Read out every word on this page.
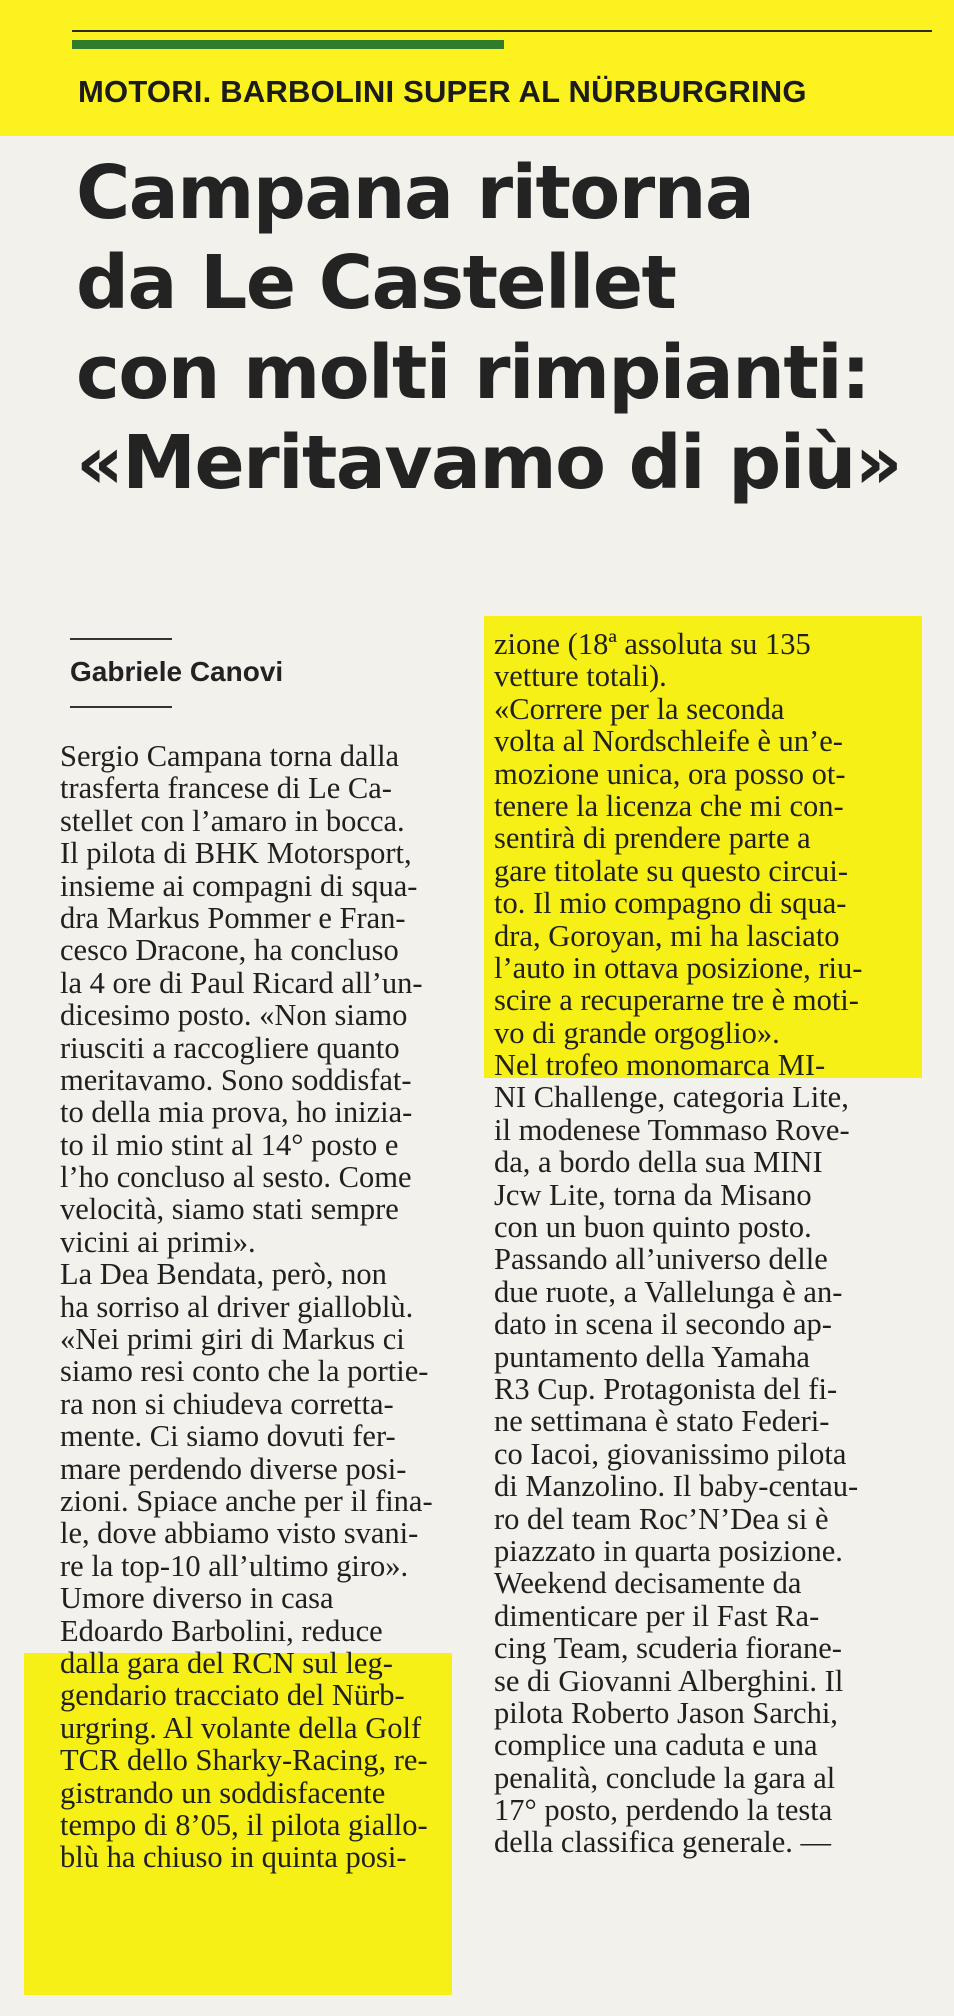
MOTORI. BARBOLINI SUPER AL NÜRBURGRING
Campana ritorna
da Le Castellet
con molti rimpianti:
«Meritavamo di più»
Gabriele Canovi
Sergio Campana torna dalla
trasferta francese di Le Ca-
stellet con l’amaro in bocca.
Il pilota di BHK Motorsport,
insieme ai compagni di squa-
dra Markus Pommer e Fran-
cesco Dracone, ha concluso
la 4 ore di Paul Ricard all’un-
dicesimo posto. «Non siamo
riusciti a raccogliere quanto
meritavamo. Sono soddisfat-
to della mia prova, ho inizia-
to il mio stint al 14° posto e
l’ho concluso al sesto. Come
velocità, siamo stati sempre
vicini ai primi».
La Dea Bendata, però, non
ha sorriso al driver gialloblù.
«Nei primi giri di Markus ci
siamo resi conto che la portie-
ra non si chiudeva corretta-
mente. Ci siamo dovuti fer-
mare perdendo diverse posi-
zioni. Spiace anche per il fina-
le, dove abbiamo visto svani-
re la top-10 all’ultimo giro».
Umore diverso in casa
Edoardo Barbolini, reduce
dalla gara del RCN sul leg-
gendario tracciato del Nürb-
urgring. Al volante della Golf
TCR dello Sharky-Racing, re-
gistrando un soddisfacente
tempo di 8’05, il pilota giallo-
blù ha chiuso in quinta posi-
zione (18ª assoluta su 135
vetture totali).
«Correre per la seconda
volta al Nordschleife è un’e-
mozione unica, ora posso ot-
tenere la licenza che mi con-
sentirà di prendere parte a
gare titolate su questo circui-
to. Il mio compagno di squa-
dra, Goroyan, mi ha lasciato
l’auto in ottava posizione, riu-
scire a recuperarne tre è moti-
vo di grande orgoglio».
Nel trofeo monomarca MI-
NI Challenge, categoria Lite,
il modenese Tommaso Rove-
da, a bordo della sua MINI
Jcw Lite, torna da Misano
con un buon quinto posto.
Passando all’universo delle
due ruote, a Vallelunga è an-
dato in scena il secondo ap-
puntamento della Yamaha
R3 Cup. Protagonista del fi-
ne settimana è stato Federi-
co Iacoi, giovanissimo pilota
di Manzolino. Il baby-centau-
ro del team Roc’N’Dea si è
piazzato in quarta posizione.
Weekend decisamente da
dimenticare per il Fast Ra-
cing Team, scuderia fiorane-
se di Giovanni Alberghini. Il
pilota Roberto Jason Sarchi,
complice una caduta e una
penalità, conclude la gara al
17° posto, perdendo la testa
della classifica generale. —
